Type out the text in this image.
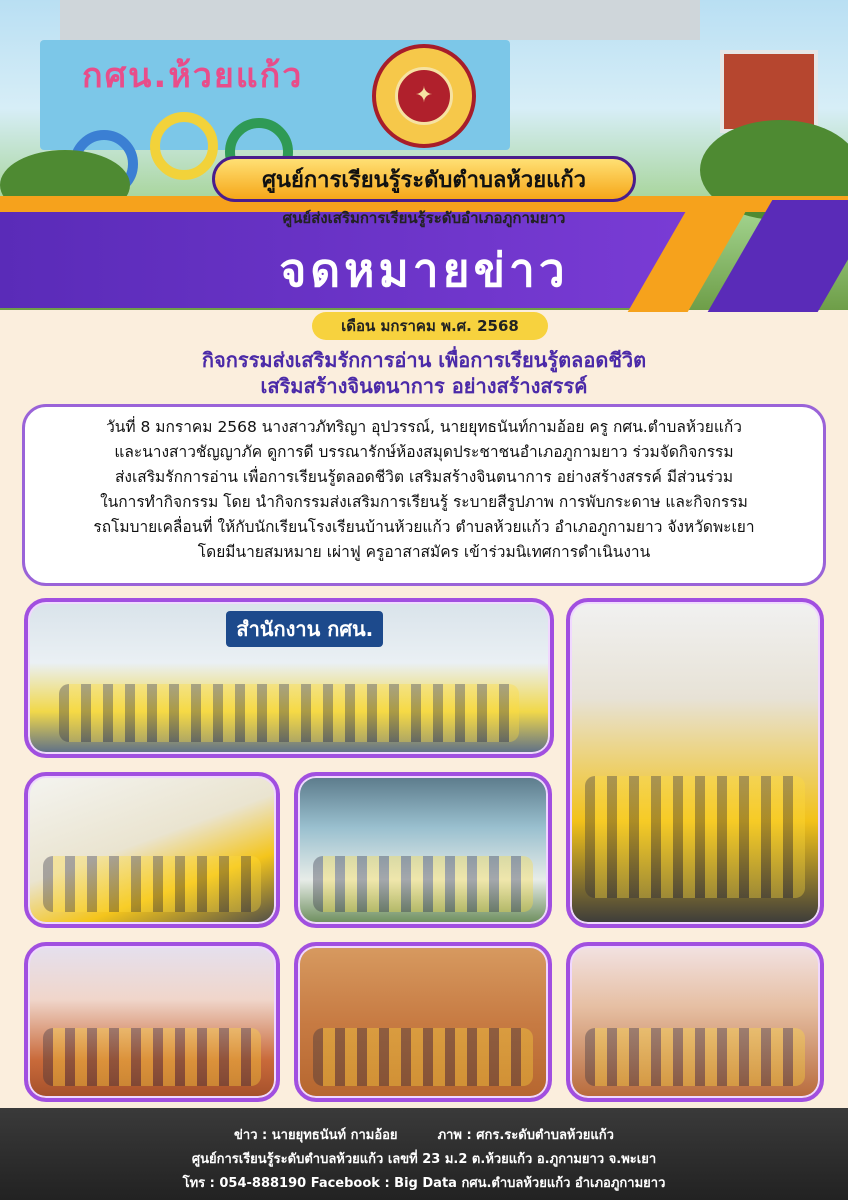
กศน.ห้วยแก้ว	✦
ศูนย์การเรียนรู้ระดับตำบลห้วยแก้ว
ศูนย์ส่งเสริมการเรียนรู้ระดับอำเภอภูกามยาว
จดหมายข่าว
เดือน มกราคม พ.ศ. 2568
กิจกรรมส่งเสริมรักการอ่าน เพื่อการเรียนรู้ตลอดชีวิต
เสริมสร้างจินตนาการ อย่างสร้างสรรค์

วันที่ 8 มกราคม 2568 นางสาวภัทริญา อุปวรรณ์, นายยุทธนันท์กามอ้อย ครู กศน.ตำบลห้วยแก้ว

และนางสาวชัญญาภัค ดูการดี บรรณารักษ์ห้องสมุดประชาชนอำเภอภูกามยาว ร่วมจัดกิจกรรม

ส่งเสริมรักการอ่าน เพื่อการเรียนรู้ตลอดชีวิต เสริมสร้างจินตนาการ อย่างสร้างสรรค์ มีส่วนร่วม

ในการทำกิจกรรม โดย นำกิจกรรมส่งเสริมการเรียนรู้ ระบายสีรูปภาพ การพับกระดาษ และกิจกรรม

รถโมบายเคลื่อนที่ ให้กับนักเรียนโรงเรียนบ้านห้วยแก้ว ตำบลห้วยแก้ว อำเภอภูกามยาว จังหวัดพะเยา

โดยมีนายสมหมาย เผ่าฟู ครูอาสาสมัคร เข้าร่วมนิเทศการดำเนินงาน

สำนักงาน กศน.
ข่าว : นายยุทธนันท์ กามอ้อย	ภาพ : ศกร.ระดับตำบลห้วยแก้ว
ศูนย์การเรียนรู้ระดับตำบลห้วยแก้ว เลขที่ 23 ม.2 ต.ห้วยแก้ว อ.ภูกามยาว จ.พะเยา
โทร : 054-888190 Facebook : Big Data กศน.ตำบลห้วยแก้ว อำเภอภูกามยาว
